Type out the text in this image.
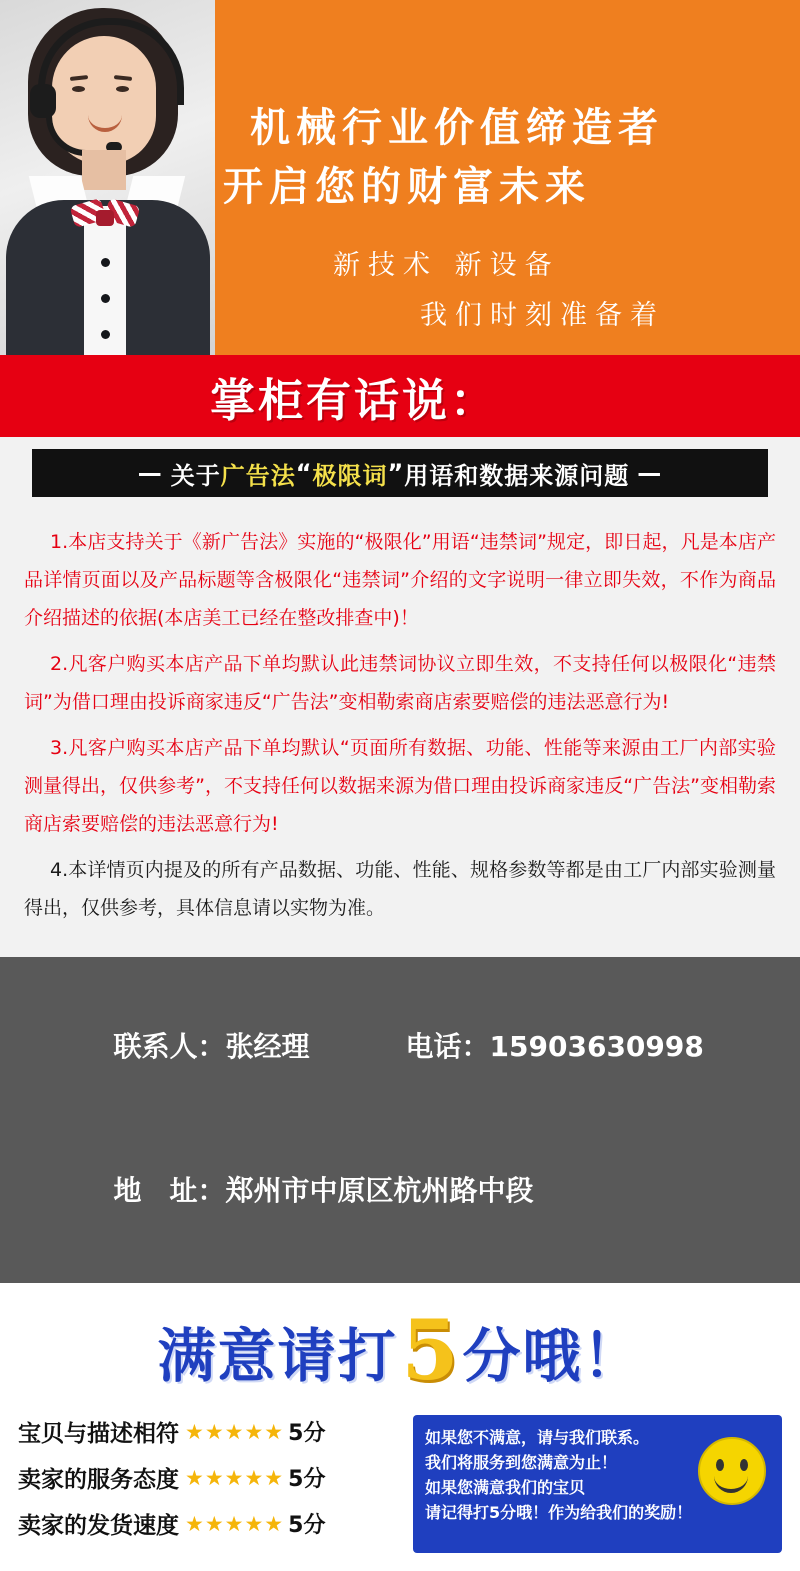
机械行业价值缔造者
开启您的财富未来
新技术 新设备
我们时刻准备着
掌柜有话说：
— 关于 广告法 “ 极限词 ” 用语和数据来源问题 —

1.本店支持关于《新广告法》实施的“极限化”用语“违禁词”规定，即日起，凡是本店产品详情页面以及产品标题等含极限化“违禁词”介绍的文字说明一律立即失效，不作为商品介绍描述的依据(本店美工已经在整改排查中)！

2.凡客户购买本店产品下单均默认此违禁词协议立即生效，不支持任何以极限化“违禁词”为借口理由投诉商家违反“广告法”变相勒索商店索要赔偿的违法恶意行为!

3.凡客户购买本店产品下单均默认“页面所有数据、功能、性能等来源由工厂内部实验测量得出，仅供参考”，不支持任何以数据来源为借口理由投诉商家违反“广告法”变相勒索商店索要赔偿的违法恶意行为!

4.本详情页内提及的所有产品数据、功能、性能、规格参数等都是由工厂内部实验测量得出，仅供参考，具体信息请以实物为准。

联系人：张经理	电话：15903630998

地　址：郑州市中原区杭州路中段

满意请打5分哦！
宝贝与描述相符 ★★★★★ 5分
卖家的服务态度 ★★★★★ 5分
卖家的发货速度 ★★★★★ 5分
如果您不满意，请与我们联系。
我们将服务到您满意为止！
如果您满意我们的宝贝
请记得打5分哦！作为给我们的奖励！
